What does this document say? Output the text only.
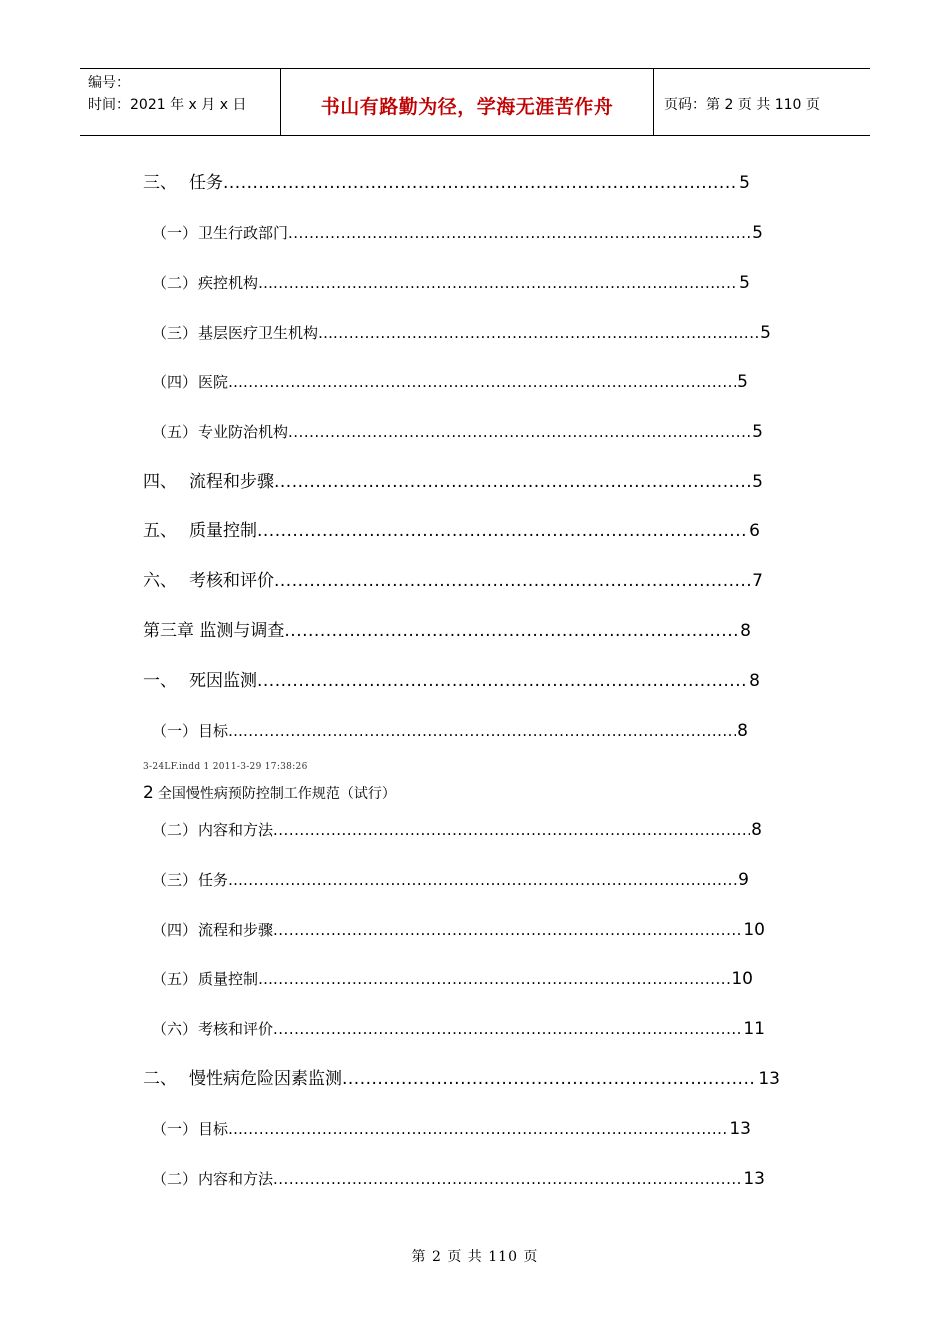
编号：
时间：2021 年 x 月 x 日	书山有路勤为径，学海无涯苦作舟	页码：第 2 页 共 110 页
三、 任务 .....	5
（一） 卫生行政部门 .....	5
（二） 疾控机构… .....	5
（三） 基层医疗卫生机构… .....	5
（四） 医院… .....	5
（五） 专业防治机构 .....	5
四、 流程和步骤 .....	5
五、 质量控制 .....	6
六、 考核和评价 .....	7
第三章 监测与调查 .....	8
一、 死因监测 .....	8
（一） 目标… .....	8
3-24LF.indd 1 2011-3-29 17:38:26
2 全国慢性病预防控制工作规范（试行）
（二） 内容和方法 .....	8
（三） 任务… .....	9
（四） 流程和步骤 .....	10
（五） 质量控制… .....	10
（六） 考核和评价 .....	11
二、 慢性病危险因素监测 .....	13
（一） 目标… .....	13
（二） 内容和方法 .....	13
第 2 页 共 110 页
